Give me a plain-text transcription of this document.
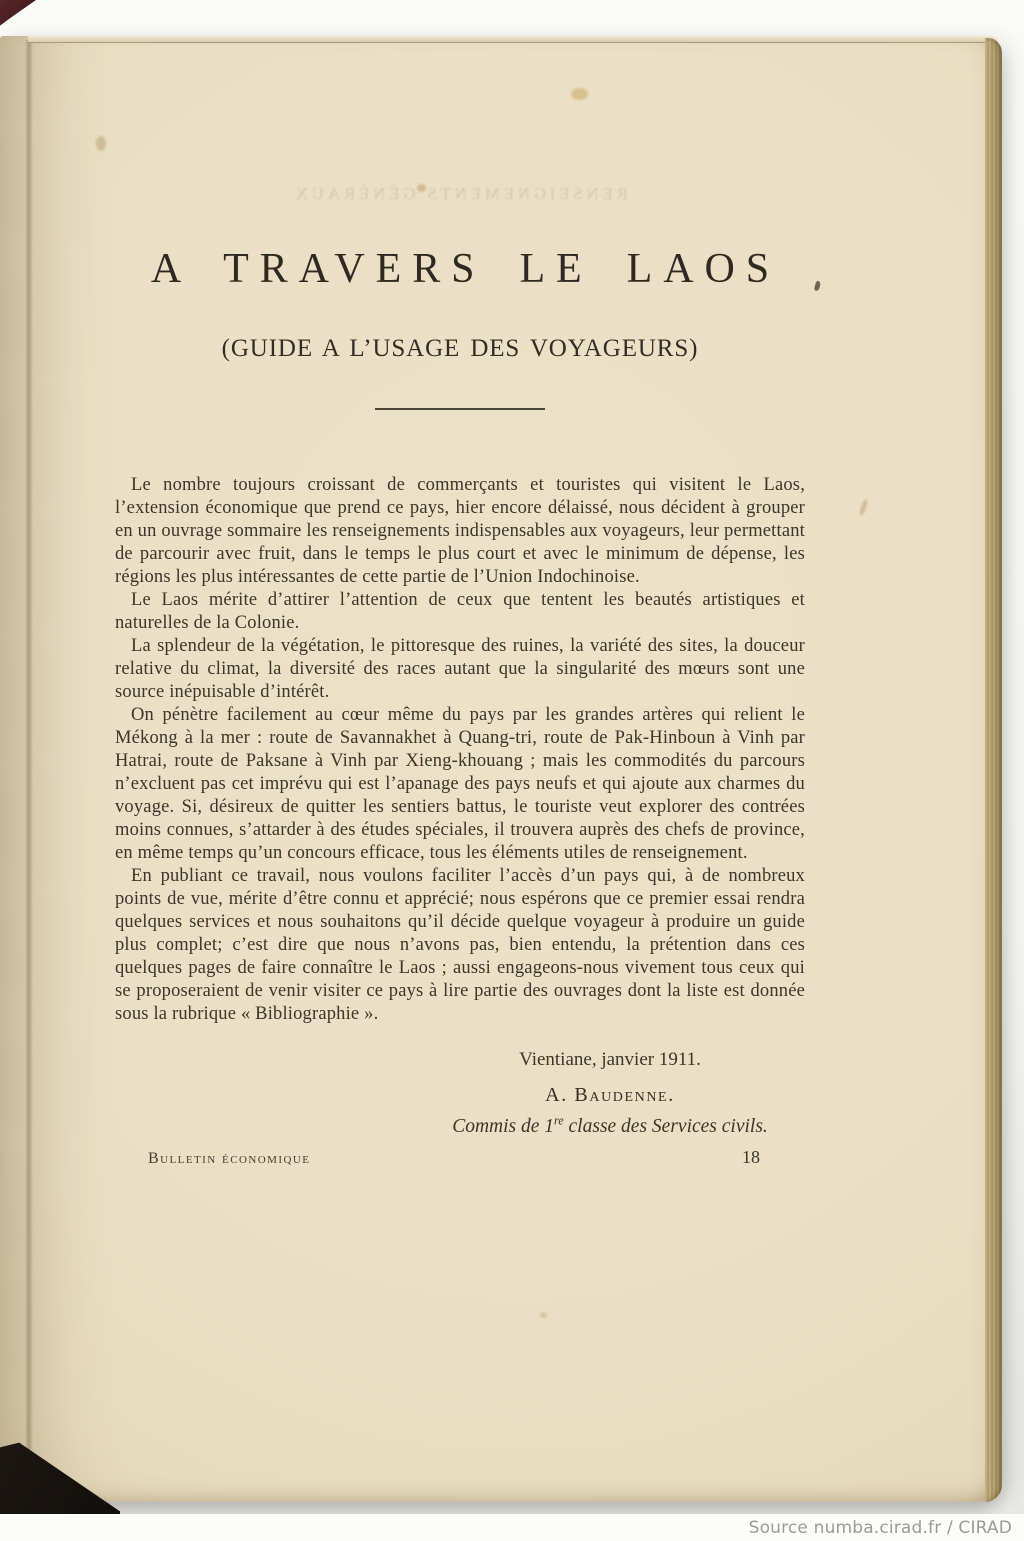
RENSEIGNEMENTS GÉNÉRAUX
A TRAVERS LE LAOS
(GUIDE A L’USAGE DES VOYAGEURS)

Le nombre toujours croissant de commerçants et touristes qui visitent le Laos, l’extension économique que prend ce pays, hier encore délaissé, nous décident à grouper en un ouvrage sommaire les renseignements indispensables aux voyageurs, leur permettant de parcourir avec fruit, dans le temps le plus court et avec le minimum de dépense, les régions les plus intéressantes de cette partie de l’Union Indochinoise.

Le Laos mérite d’attirer l’attention de ceux que tentent les beautés artistiques et naturelles de la Colonie.

La splendeur de la végétation, le pittoresque des ruines, la variété des sites, la douceur relative du climat, la diversité des races autant que la singularité des mœurs sont une source inépuisable d’intérêt.

On pénètre facilement au cœur même du pays par les grandes artères qui relient le Mékong à la mer : route de Savannakhet à Quang-tri, route de Pak-Hinboun à Vinh par Hatrai, route de Paksane à Vinh par Xieng-khouang ; mais les commodités du parcours n’excluent pas cet imprévu qui est l’apanage des pays neufs et qui ajoute aux charmes du voyage. Si, désireux de quitter les sentiers battus, le touriste veut explorer des contrées moins connues, s’attarder à des études spéciales, il trouvera auprès des chefs de province, en même temps qu’un concours efficace, tous les éléments utiles de renseignement.

En publiant ce travail, nous voulons faciliter l’accès d’un pays qui, à de nombreux points de vue, mérite d’être connu et apprécié; nous espérons que ce premier essai rendra quelques services et nous souhaitons qu’il décide quelque voyageur à produire un guide plus complet; c’est dire que nous n’avons pas, bien entendu, la prétention dans ces quelques pages de faire connaître le Laos ; aussi engageons-nous vivement tous ceux qui se proposeraient de venir visiter ce pays à lire partie des ouvrages dont la liste est donnée sous la rubrique « Bibliographie ».

Vientiane, janvier 1911.
A. Baudenne.
Commis de 1re classe des Services civils.
Bulletin économique	18
Source numba.cirad.fr / CIRAD
